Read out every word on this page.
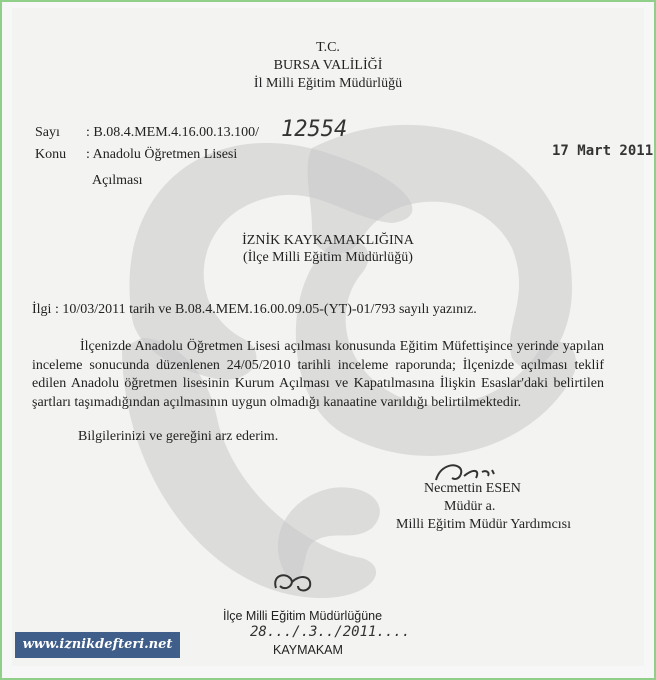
T.C.
BURSA VALİLİĞİ
İl Milli Eğitim Müdürlüğü
Sayı : B.08.4.MEM.4.16.00.13.100/ 12554
17 Mart 2011
Konu : Anadolu Öğretmen Lisesi
Açılması
İZNİK KAYKAMAKLIĞINA
(İlçe Milli Eğitim Müdürlüğü)
İlgi : 10/03/2011 tarih ve B.08.4.MEM.16.00.09.05-(YT)-01/793 sayılı yazınız.
İlçenizde Anadolu Öğretmen Lisesi açılması konusunda Eğitim Müfettişince yerinde yapılan inceleme sonucunda düzenlenen 24/05/2010 tarihli inceleme raporunda; İlçenizde açılması teklif edilen Anadolu öğretmen lisesinin Kurum Açılması ve Kapatılmasına İlişkin Esaslar'daki belirtilen şartları taşımadığından açılmasının uygun olmadığı kanaatine varıldığı belirtilmektedir.
Bilgilerinizi ve gereğini arz ederim.
Necmettin ESEN
Müdür a.
Milli Eğitim Müdür Yardımcısı
İlçe Milli Eğitim Müdürlüğüne
28.../.3../2011....
KAYMAKAM
www.iznikdefteri.net
